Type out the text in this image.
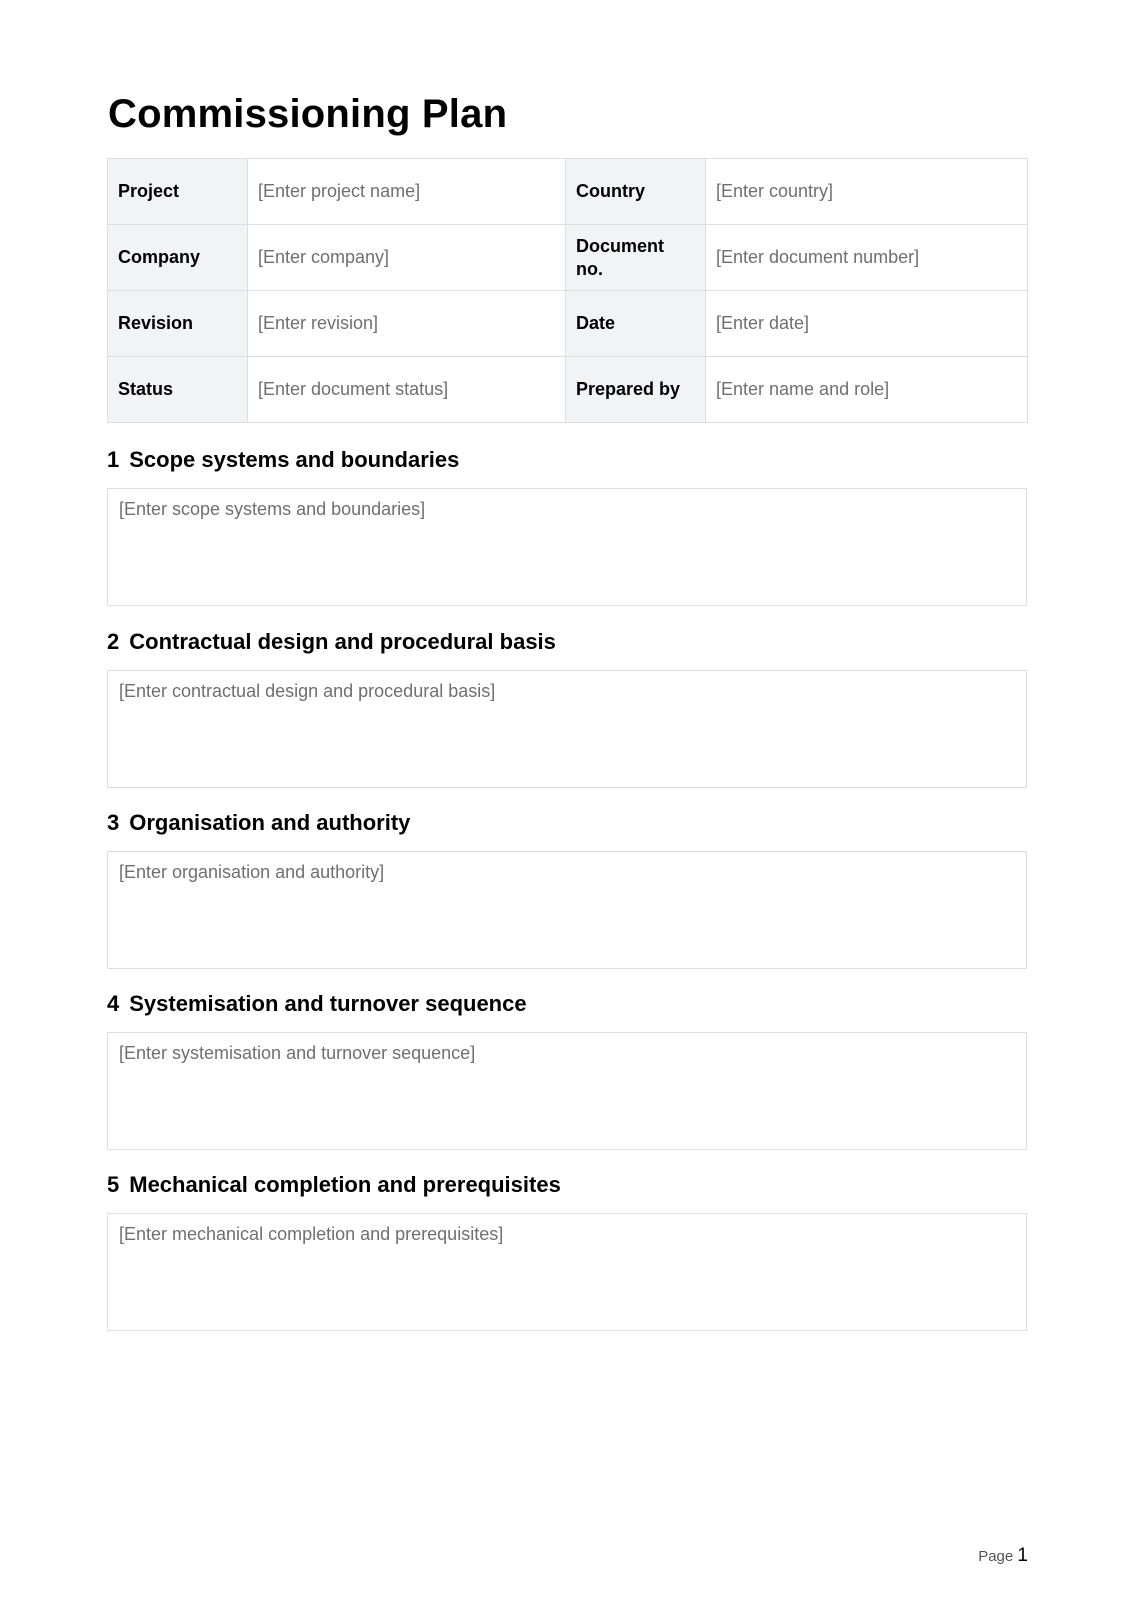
Commissioning Plan
Project	[Enter project name]	Country	[Enter country]
Company	[Enter company]	Document no.	[Enter document number]
Revision	[Enter revision]	Date	[Enter date]
Status	[Enter document status]	Prepared by	[Enter name and role]
1 Scope systems and boundaries
[Enter scope systems and boundaries]
2 Contractual design and procedural basis
[Enter contractual design and procedural basis]
3 Organisation and authority
[Enter organisation and authority]
4 Systemisation and turnover sequence
[Enter systemisation and turnover sequence]
5 Mechanical completion and prerequisites
[Enter mechanical completion and prerequisites]
Page 1
